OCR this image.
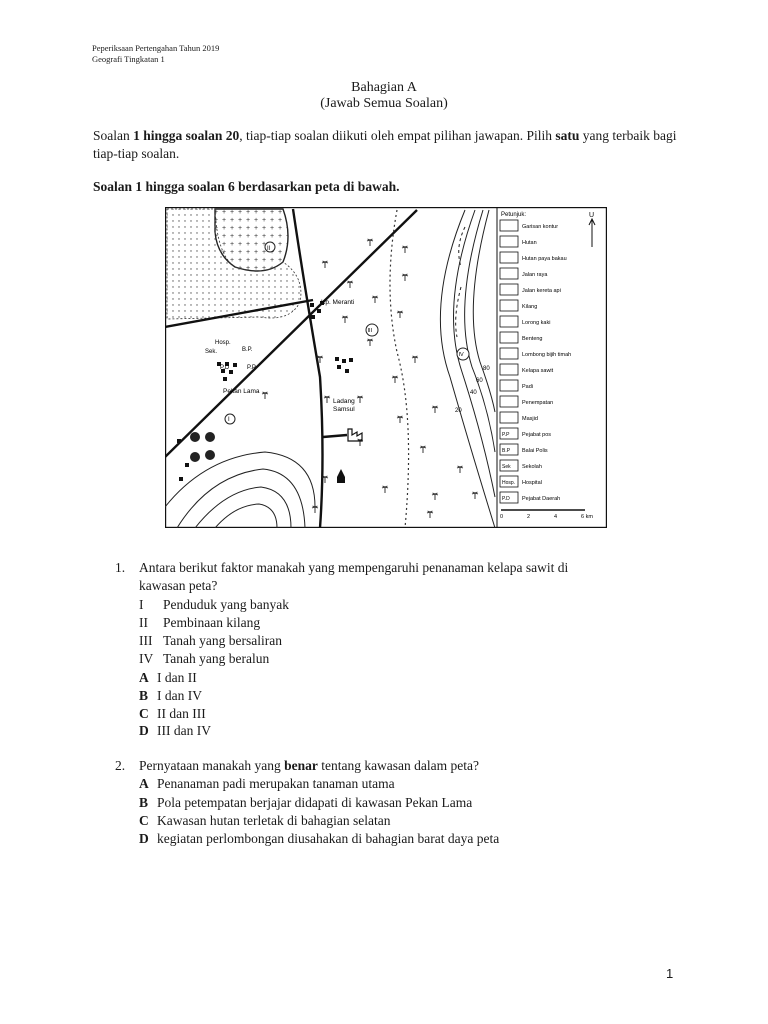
Peperiksaan Pertengahan Tahun 2019
Geografi Tingkatan 1
Bahagian A
(Jawab Semua Soalan)
Soalan 1 hingga soalan 20, tiap-tiap soalan diikuti oleh empat pilihan jawapan. Pilih satu yang terbaik bagi tiap-tiap soalan.
Soalan 1 hingga soalan 6 berdasarkan peta di bawah.
II
20
40
60
80
Kp. Meranti
Hosp.
Sek.	B.P.
P.D	P.P
Pekan Lama
Ladang
Samsul
I
III
IV
Petunjuk:	U
Garisan kontur
Hutan
Hutan paya bakau
Jalan raya
Jalan kereta api
Kilang
Lorong kaki
Benteng
Lombong bijih timah
Kelapa sawit
Padi
Penempatan
Masjid
P.P Pejabat pos
B.P Balai Polis
Sek Sekolah
Hosp. Hospital
P.D Pejabat Daerah
0	2	4	6 km
1. Antara berikut faktor manakah yang mempengaruhi penanaman kelapa sawit di
kawasan peta?
I Penduduk yang banyak
II Pembinaan kilang
III Tanah yang bersaliran
IV Tanah yang beralun
A I dan II
B I dan IV
C II dan III
D III dan IV
2. Pernyataan manakah yang benar tentang kawasan dalam peta?
A Penanaman padi merupakan tanaman utama
B Pola petempatan berjajar didapati di kawasan Pekan Lama
C Kawasan hutan terletak di bahagian selatan
D kegiatan perlombongan diusahakan di bahagian barat daya peta
1
